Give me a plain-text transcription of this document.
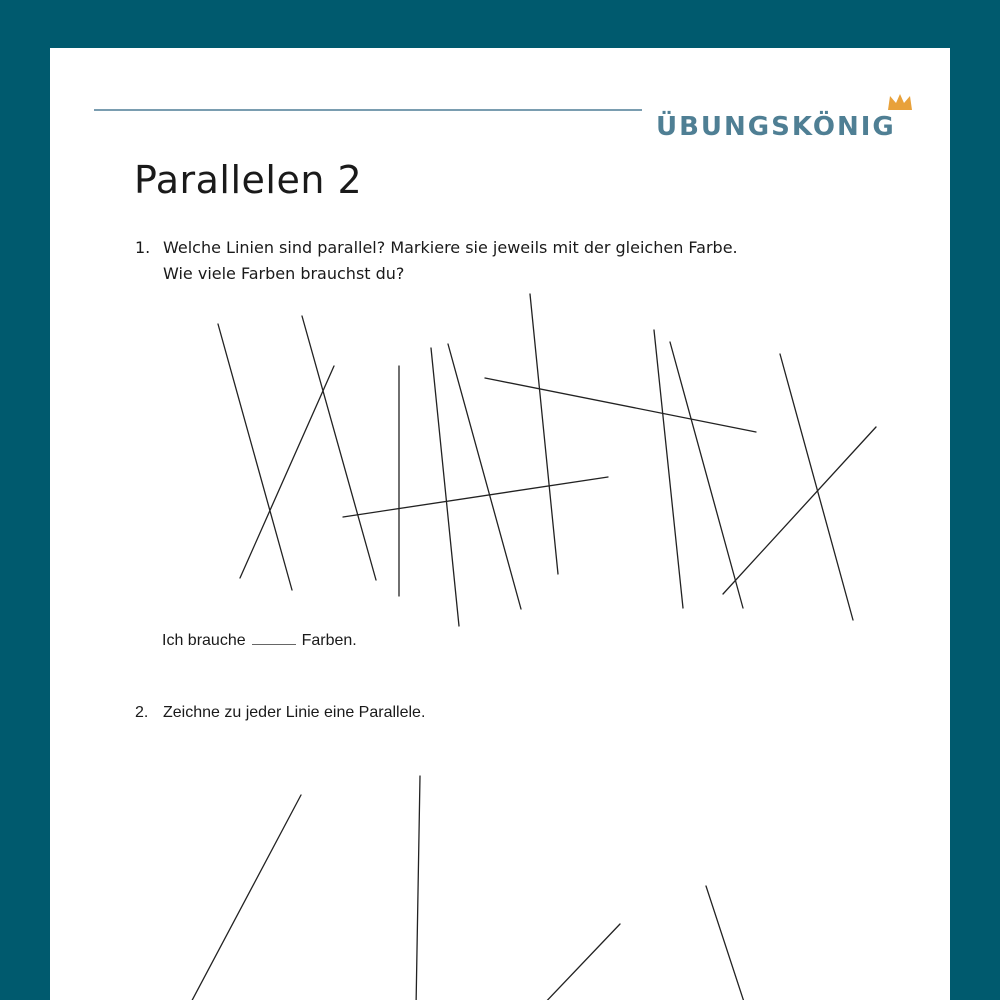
ÜBUNGSKÖNIG
Parallelen 2
1. Welche Linien sind parallel? Markiere sie jeweils mit der gleichen Farbe.
Wie viele Farben brauchst du?
Ich brauche	Farben.
2. Zeichne zu jeder Linie eine Parallele.
